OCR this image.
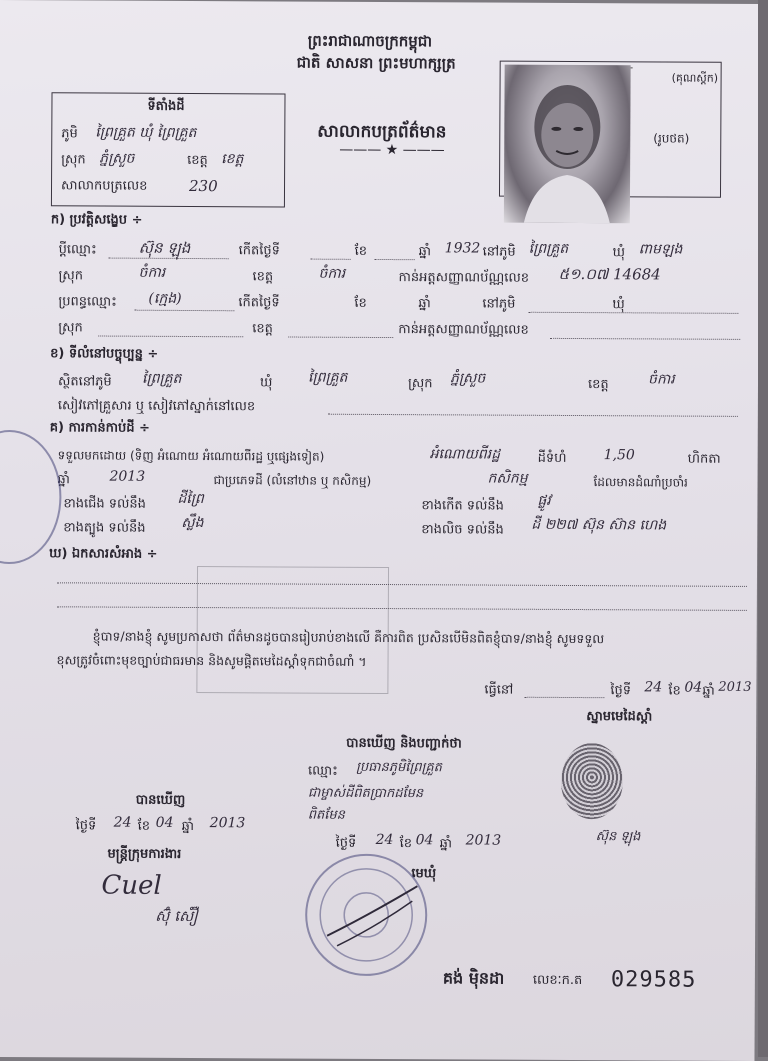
ព្រះរាជាណាចក្រកម្ពុជា
ជាតិ សាសនា ព្រះមហាក្សត្រ
(គុណស្តីក)
សាលាកបត្រព័ត៌មាន
——— ★ ———
(រូបថត)
ទីតាំងដី
ភូមិ ព្រៃគ្រួត ឃុំ ព្រៃគ្រួត
ស្រុក ភ្នំស្រួច	ខេត្ត ខេត្ត
សាលាកបត្រលេខ	230
ក) ប្រវត្តិសង្ខេប ÷
ប្តីឈ្មោះ	ស៊ុន ឡុង	កើតថ្ងៃទី	ខែ	ឆ្នាំ 1932 នៅភូមិ ព្រៃគ្រួត	ឃុំ ពាមឡង
ស្រុក	ចំការ	ខេត្ត	ចំការ	កាន់អត្តសញ្ញាណប័ណ្ណលេខ ៥១.០៧ 14684
ប្រពន្ធឈ្មោះ (ក្មេង)	កើតថ្ងៃទី	ខែ	ឆ្នាំ	នៅភូមិ	ឃុំ
ស្រុក	ខេត្ត	កាន់អត្តសញ្ញាណប័ណ្ណលេខ
ខ) ទីលំនៅបច្ចុប្បន្ន ÷
ស្ថិតនៅភូមិ ព្រៃគ្រួត	ឃុំ	ព្រៃគ្រួត	ស្រុក ភ្នំស្រួច	ខេត្ត	ចំការ
សៀវភៅគ្រួសារ ឬ សៀវភៅស្នាក់នៅលេខ
គ) ការកាន់កាប់ដី ÷
ទទួលមកដោយ (ទិញ អំណោយ អំណោយពីរដ្ឋ ឬផ្សេងទៀត)	អំណោយពីរដ្ឋ	ដីទំហំ	1,50	ហិកតា
ឆ្នាំ	2013	ជាប្រភេទដី (លំនៅឋាន ឬ កសិកម្ម)	កសិកម្ម	ដែលមានដំណាំប្រចាំរ
ខាងជើង ទល់នឹង ដីព្រៃ	ខាងកើត ទល់នឹង ផ្លូវ
ខាងត្បូង ទល់នឹង	ស្លឹង	ខាងលិច ទល់នឹង ដី ២២៧ ស៊ុន ស៊ាន ហេង
ឃ) ឯកសារសំអាង ÷
ខ្ញុំបាទ/នាងខ្ញុំ សូមប្រកាសថា ព័ត៌មានដូចបានរៀបរាប់ខាងលើ គឺការពិត ប្រសិនបើមិនពិតខ្ញុំបាទ/នាងខ្ញុំ សូមទទួល
ខុសត្រូវចំពោះមុខច្បាប់ជាធរមាន និងសូមផ្តិតមេដៃស្តាំទុកជាចំណាំ ។
ធ្វើនៅ	ថ្ងៃទី 24 ខែ 04 ឆ្នាំ 2013
ស្នាមមេដៃស្តាំ
ស៊ុន ឡុង
បានឃើញ និងបញ្ជាក់ថា
ឈ្មោះ ប្រធានភូមិព្រៃគ្រួត
ជាម្ចាស់ដីពិតប្រាកដមែន
ពិតមែន
ថ្ងៃទី 24 ខែ 04 ឆ្នាំ 2013
មេឃុំ
បានឃើញ
ថ្ងៃទី 24 ខែ 04 ឆ្នាំ 2013
មន្ត្រីក្រុមការងារ
Cuel
ស៊ុំ សំឿ
គង់ ម៉ិនដា លេខៈក.ត 029585
